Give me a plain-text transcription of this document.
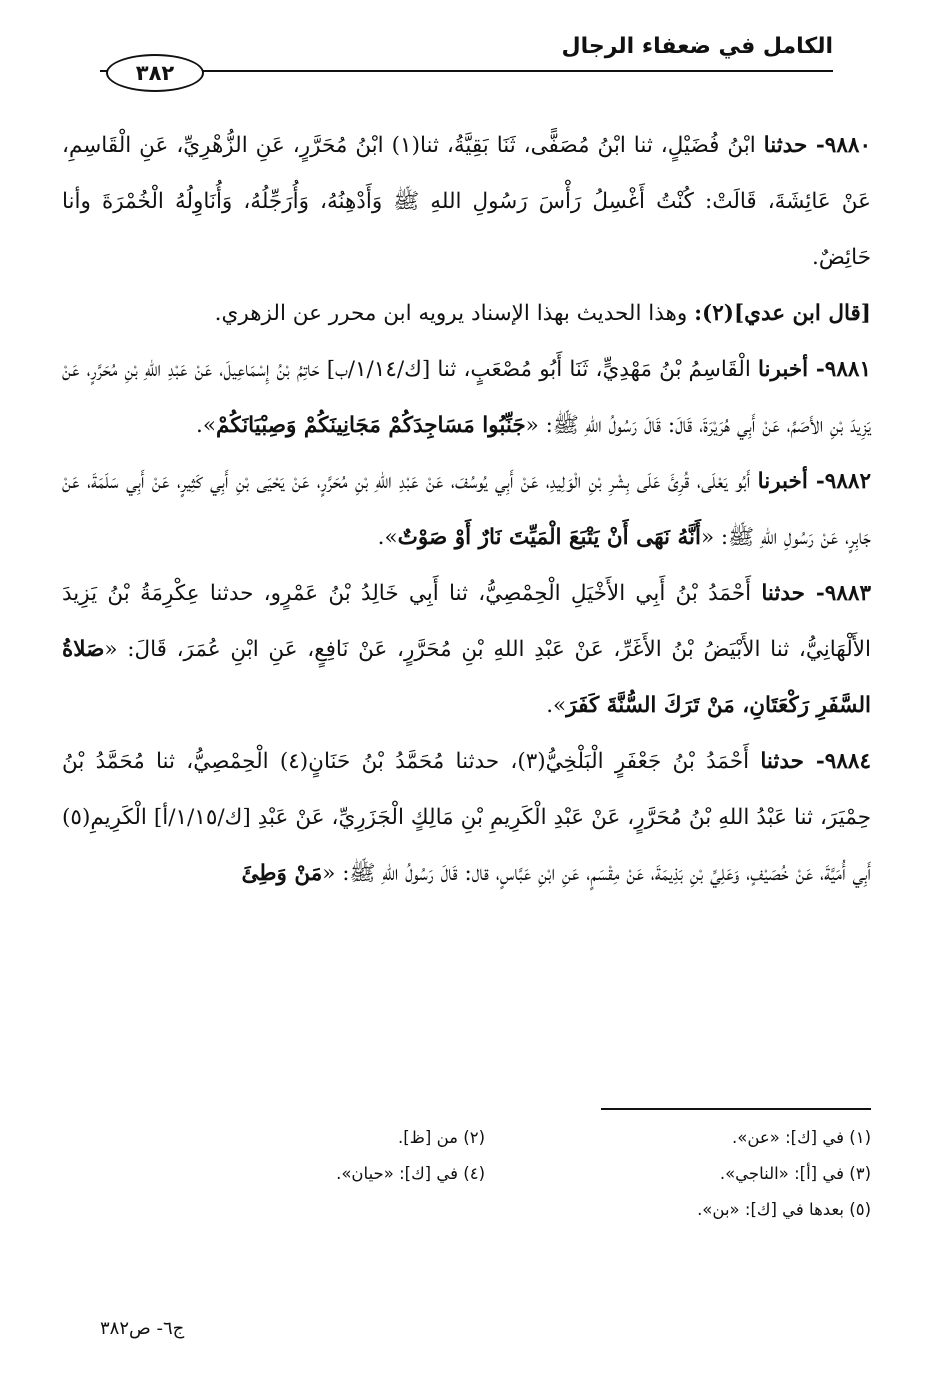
الكامل في ضعفاء الرجال
٣٨٢

٩٨٨٠- حدثنا ابْنُ فُضَيْلٍ، ثنا ابْنُ مُصَفًّى، ثَنَا بَقِيَّةُ، ثنا(١) ابْنُ مُحَرَّرٍ، عَنِ الزُّهْرِيِّ، عَنِ الْقَاسِمِ، عَنْ عَائِشَةَ، قَالَتْ: كُنْتُ أَغْسِلُ رَأْسَ رَسُولِ اللهِ ﷺ وَأَدْهِنُهُ، وَأُرَجِّلُهُ، وَأُنَاوِلُهُ الْخُمْرَةَ وأنا حَائِضٌ.

[قال ابن عدي](٢): وهذا الحديث بهذا الإسناد يرويه ابن محرر عن الزهري.

٩٨٨١- أخبرنا الْقَاسِمُ بْنُ مَهْدِيٍّ، ثَنَا أَبُو مُصْعَبٍ، ثنا [ك/١/١٤/ب] حَاتِمُ بْنُ إِسْمَاعِيلَ، عَنْ عَبْدِ اللهِ بْنِ مُحَرَّرٍ، عَنْ يَزِيدَ بْنِ الأَصَمِّ، عَنْ أَبِي هُرَيْرَةَ، قَالَ: قَالَ رَسُولُ اللهِ ﷺ: «جَنِّبُوا مَسَاجِدَكُمْ مَجَانِينَكُمْ وَصِبْيَانَكُمْ».

٩٨٨٢- أخبرنا أَبُو يَعْلَى، قُرِئَ عَلَى بِشْرِ بْنِ الْوَلِيدِ، عَنْ أَبِي يُوسُفَ، عَنْ عَبْدِ اللهِ بْنِ مُحَرَّرٍ، عَنْ يَحْيَى بْنِ أَبِي كَثِيرٍ، عَنْ أَبِي سَلَمَةَ، عَنْ جَابِرٍ، عَنْ رَسُولِ اللهِ ﷺ: «أَنَّهُ نَهَى أَنْ يَتْبَعَ الْمَيِّتَ نَارٌ أَوْ صَوْتٌ».

٩٨٨٣- حدثنا أَحْمَدُ بْنُ أَبِي الأَخْيَلِ الْحِمْصِيُّ، ثنا أَبِي خَالِدُ بْنُ عَمْرٍو، حدثنا عِكْرِمَةُ بْنُ يَزِيدَ الأَلْهَانِيُّ، ثنا الأَبْيَضُ بْنُ الأَغَرِّ، عَنْ عَبْدِ اللهِ بْنِ مُحَرَّرٍ، عَنْ نَافِعٍ، عَنِ ابْنِ عُمَرَ، قَالَ: «صَلاةُ السَّفَرِ رَكْعَتَانِ، مَنْ تَرَكَ السُّنَّةَ كَفَرَ».

٩٨٨٤- حدثنا أَحْمَدُ بْنُ جَعْفَرٍ الْبَلْخِيُّ(٣)، حدثنا مُحَمَّدُ بْنُ حَنَانٍ(٤) الْحِمْصِيُّ، ثنا مُحَمَّدُ بْنُ حِمْيَرَ، ثنا عَبْدُ اللهِ بْنُ مُحَرَّرٍ، عَنْ عَبْدِ الْكَرِيمِ بْنِ مَالِكٍ الْجَزَرِيِّ، عَنْ عَبْدِ [ك/١/١٥/أ] الْكَرِيمِ(٥) أَبِي أُمَيَّةَ، عَنْ خُصَيْفٍ، وَعَلِيِّ بْنِ بَذِيمَةَ، عَنْ مِقْسَمٍ، عَنِ ابْنِ عَبَّاسٍ، قال: قَالَ رَسُولُ اللهِ ﷺ: «مَنْ وَطِئَ

(١) في [ك]: «عن».
(٢) من [ظ].
(٣) في [أ]: «الناجي».
(٤) في [ك]: «حيان».
(٥) بعدها في [ك]: «بن».
ج٦- ص٣٨٢
